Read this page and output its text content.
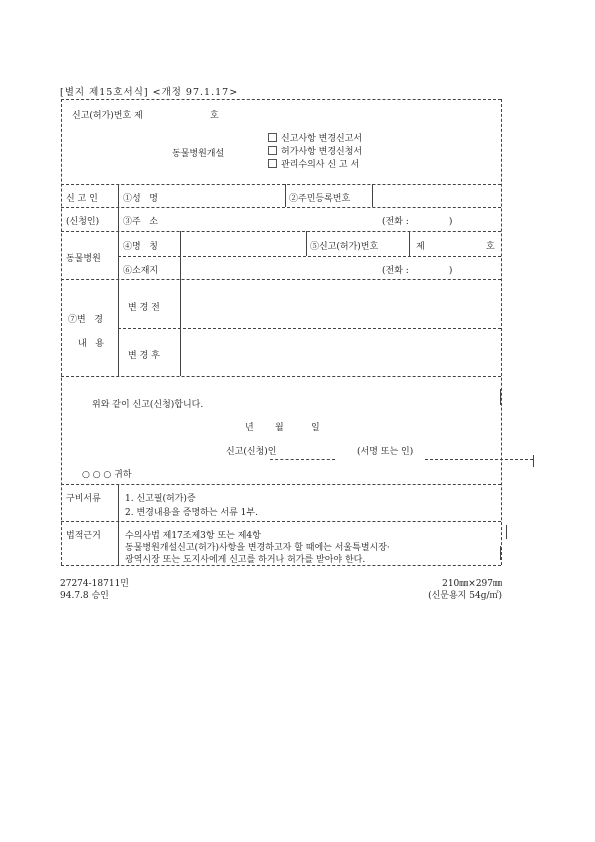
[별지 제15호서식] <개정 97.1.17>
신고(허가)번호 제	호
동물병원개설
신고사항 변경신고서
허가사항 변경신청서
관리수의사 신 고 서
신 고 인
(신청인)
①성   명	②주민등록번호
③주   소	(전화 :              )
동물병원
④명   칭	⑤신고(허가)번호	제	호
⑥소재지	(전화 :              )
⑦변   경
내   용
변 경 전
변 경 후
위와 같이 신고(신청)합니다.
년 월	일
신고(신청)인	(서명 또는 인)
○ ○ ○ 귀하
구비서류	1. 신고필(허가)증
2. 변경내용을 증명하는 서류 1부.
법적근거	수의사법 제17조제3항 또는 제4항
동물병원개설신고(허가)사항을 변경하고자 할 때에는 서울특별시장·
광역시장 또는 도지사에게 신고를 하거나 허가를 받아야 한다.
27274-18711민
94.7.8 승인
210㎜×297㎜
(신문용지 54g/㎡)
